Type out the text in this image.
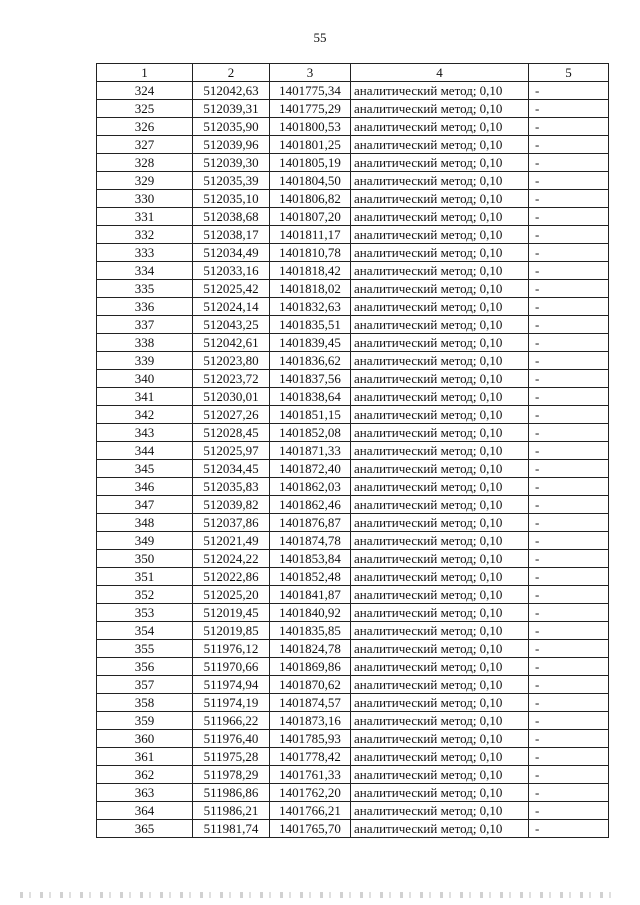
55
1	2	3	4	5
324	512042,63	1401775,34	аналитический метод; 0,10	-
325	512039,31	1401775,29	аналитический метод; 0,10	-
326	512035,90	1401800,53	аналитический метод; 0,10	-
327	512039,96	1401801,25	аналитический метод; 0,10	-
328	512039,30	1401805,19	аналитический метод; 0,10	-
329	512035,39	1401804,50	аналитический метод; 0,10	-
330	512035,10	1401806,82	аналитический метод; 0,10	-
331	512038,68	1401807,20	аналитический метод; 0,10	-
332	512038,17	1401811,17	аналитический метод; 0,10	-
333	512034,49	1401810,78	аналитический метод; 0,10	-
334	512033,16	1401818,42	аналитический метод; 0,10	-
335	512025,42	1401818,02	аналитический метод; 0,10	-
336	512024,14	1401832,63	аналитический метод; 0,10	-
337	512043,25	1401835,51	аналитический метод; 0,10	-
338	512042,61	1401839,45	аналитический метод; 0,10	-
339	512023,80	1401836,62	аналитический метод; 0,10	-
340	512023,72	1401837,56	аналитический метод; 0,10	-
341	512030,01	1401838,64	аналитический метод; 0,10	-
342	512027,26	1401851,15	аналитический метод; 0,10	-
343	512028,45	1401852,08	аналитический метод; 0,10	-
344	512025,97	1401871,33	аналитический метод; 0,10	-
345	512034,45	1401872,40	аналитический метод; 0,10	-
346	512035,83	1401862,03	аналитический метод; 0,10	-
347	512039,82	1401862,46	аналитический метод; 0,10	-
348	512037,86	1401876,87	аналитический метод; 0,10	-
349	512021,49	1401874,78	аналитический метод; 0,10	-
350	512024,22	1401853,84	аналитический метод; 0,10	-
351	512022,86	1401852,48	аналитический метод; 0,10	-
352	512025,20	1401841,87	аналитический метод; 0,10	-
353	512019,45	1401840,92	аналитический метод; 0,10	-
354	512019,85	1401835,85	аналитический метод; 0,10	-
355	511976,12	1401824,78	аналитический метод; 0,10	-
356	511970,66	1401869,86	аналитический метод; 0,10	-
357	511974,94	1401870,62	аналитический метод; 0,10	-
358	511974,19	1401874,57	аналитический метод; 0,10	-
359	511966,22	1401873,16	аналитический метод; 0,10	-
360	511976,40	1401785,93	аналитический метод; 0,10	-
361	511975,28	1401778,42	аналитический метод; 0,10	-
362	511978,29	1401761,33	аналитический метод; 0,10	-
363	511986,86	1401762,20	аналитический метод; 0,10	-
364	511986,21	1401766,21	аналитический метод; 0,10	-
365	511981,74	1401765,70	аналитический метод; 0,10	-
